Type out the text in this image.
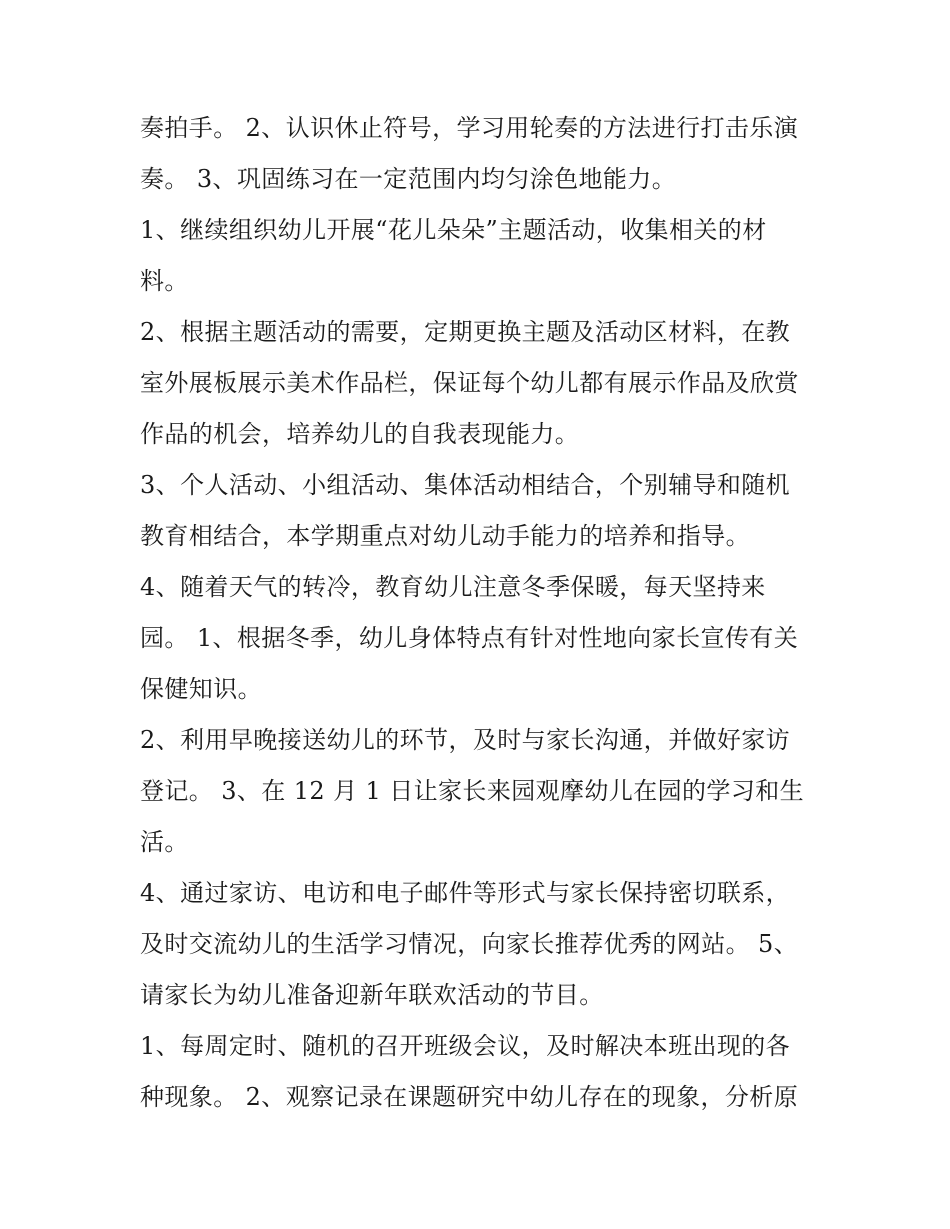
奏拍手。 2、认识休止符号，学习用轮奏的方法进行打击乐演
奏。 3、巩固练习在一定范围内均匀涂色地能力。
1、继续组织幼儿开展“花儿朵朵”主题活动，收集相关的材
料。
2、根据主题活动的需要，定期更换主题及活动区材料，在教
室外展板展示美术作品栏，保证每个幼儿都有展示作品及欣赏
作品的机会，培养幼儿的自我表现能力。
3、个人活动、小组活动、集体活动相结合，个别辅导和随机
教育相结合，本学期重点对幼儿动手能力的培养和指导。
4、随着天气的转冷，教育幼儿注意冬季保暖，每天坚持来
园。 1、根据冬季，幼儿身体特点有针对性地向家长宣传有关
保健知识。
2、利用早晚接送幼儿的环节，及时与家长沟通，并做好家访
登记。 3、在 12 月 1 日让家长来园观摩幼儿在园的学习和生
活。
4、通过家访、电访和电子邮件等形式与家长保持密切联系，
及时交流幼儿的生活学习情况，向家长推荐优秀的网站。 5、
请家长为幼儿准备迎新年联欢活动的节目。
1、每周定时、随机的召开班级会议，及时解决本班出现的各
种现象。 2、观察记录在课题研究中幼儿存在的现象，分析原
